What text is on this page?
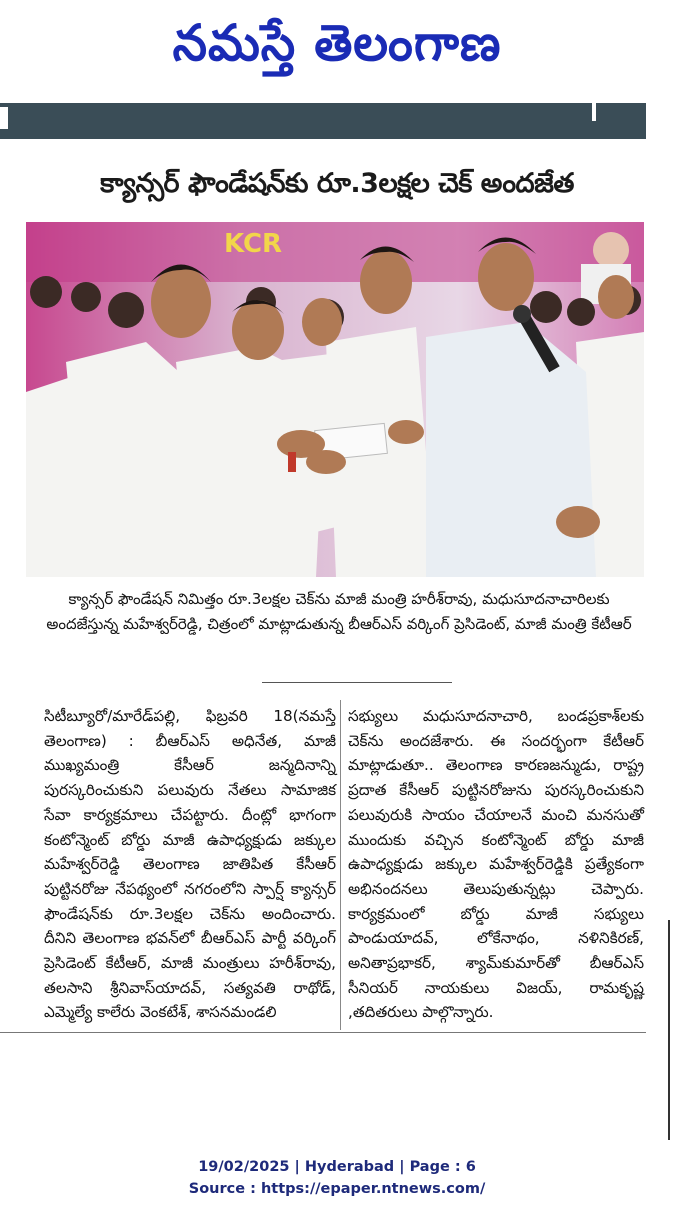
నమస్తే తెలంగాణ
క్యాన్సర్ ఫౌండేషన్‌కు రూ.3లక్షల చెక్ అందజేత
KCR
క్యాన్సర్ ఫౌండేషన్ నిమిత్తం రూ.3లక్షల చెక్‌ను మాజీ మంత్రి హరీశ్‌రావు, మధుసూదనాచారిలకు అందజేస్తున్న మహేశ్వర్‌రెడ్డి, చిత్రంలో మాట్లాడుతున్న బీఆర్‌ఎస్ వర్కింగ్ ప్రెసిడెంట్, మాజీ మంత్రి కేటీఆర్
సిటీబ్యూరో/మారేడ్‌పల్లి, ఫిబ్రవరి 18(నమస్తే తెలంగాణ) : బీఆర్‌ఎస్ అధినేత, మాజీ ముఖ్యమంత్రి కేసీఆర్ జన్మదినాన్ని పురస్కరించుకుని పలువురు నేతలు సామాజిక సేవా కార్యక్రమాలు చేపట్టారు. దీంట్లో భాగంగా కంటోన్మెంట్ బోర్డు మాజీ ఉపాధ్యక్షుడు జక్కుల మహేశ్వర్‌రెడ్డి తెలంగాణ జాతిపిత కేసీఆర్ పుట్టినరోజు నేపథ్యంలో నగరంలోని స్పార్ష్ క్యాన్సర్ ఫౌండేషన్‌కు రూ.3లక్షల చెక్‌ను అందించారు. దీనిని తెలంగాణ భవన్‌లో బీఆర్‌ఎస్ పార్టీ వర్కింగ్ ప్రెసిడెంట్ కేటీఆర్, మాజీ మంత్రులు హరీశ్‌రావు, తలసాని శ్రీనివాస్‌యాదవ్, సత్యవతి రాథోడ్, ఎమ్మెల్యే కాలేరు వెంకటేశ్, శాసనమండలి
సభ్యులు మధుసూదనాచారి, బండప్రకాశ్‌లకు చెక్‌ను అందజేశారు. ఈ సందర్భంగా కేటీఆర్ మాట్లాడుతూ.. తెలంగాణ కారణజన్ముడు, రాష్ట్ర ప్రదాత కేసీఆర్ పుట్టినరోజును పురస్కరించుకుని పలువురుకి సాయం చేయాలనే మంచి మనసుతో ముందుకు వచ్చిన కంటోన్మెంట్ బోర్డు మాజీ ఉపాధ్యక్షుడు జక్కుల మహేశ్వర్‌రెడ్డికి ప్రత్యేకంగా అభినందనలు తెలుపుతున్నట్లు చెప్పారు. కార్యక్రమంలో బోర్డు మాజీ సభ్యులు పాండుయాదవ్, లోకేనాథం, నళినికిరణ్, అనితాప్రభాకర్, శ్యామ్‌కుమార్‌తో బీఆర్‌ఎస్ సీనియర్ నాయకులు విజయ్, రామకృష్ణ ,తదితరులు పాల్గొన్నారు.
19/02/2025 | Hyderabad | Page : 6
Source : https://epaper.ntnews.com/
